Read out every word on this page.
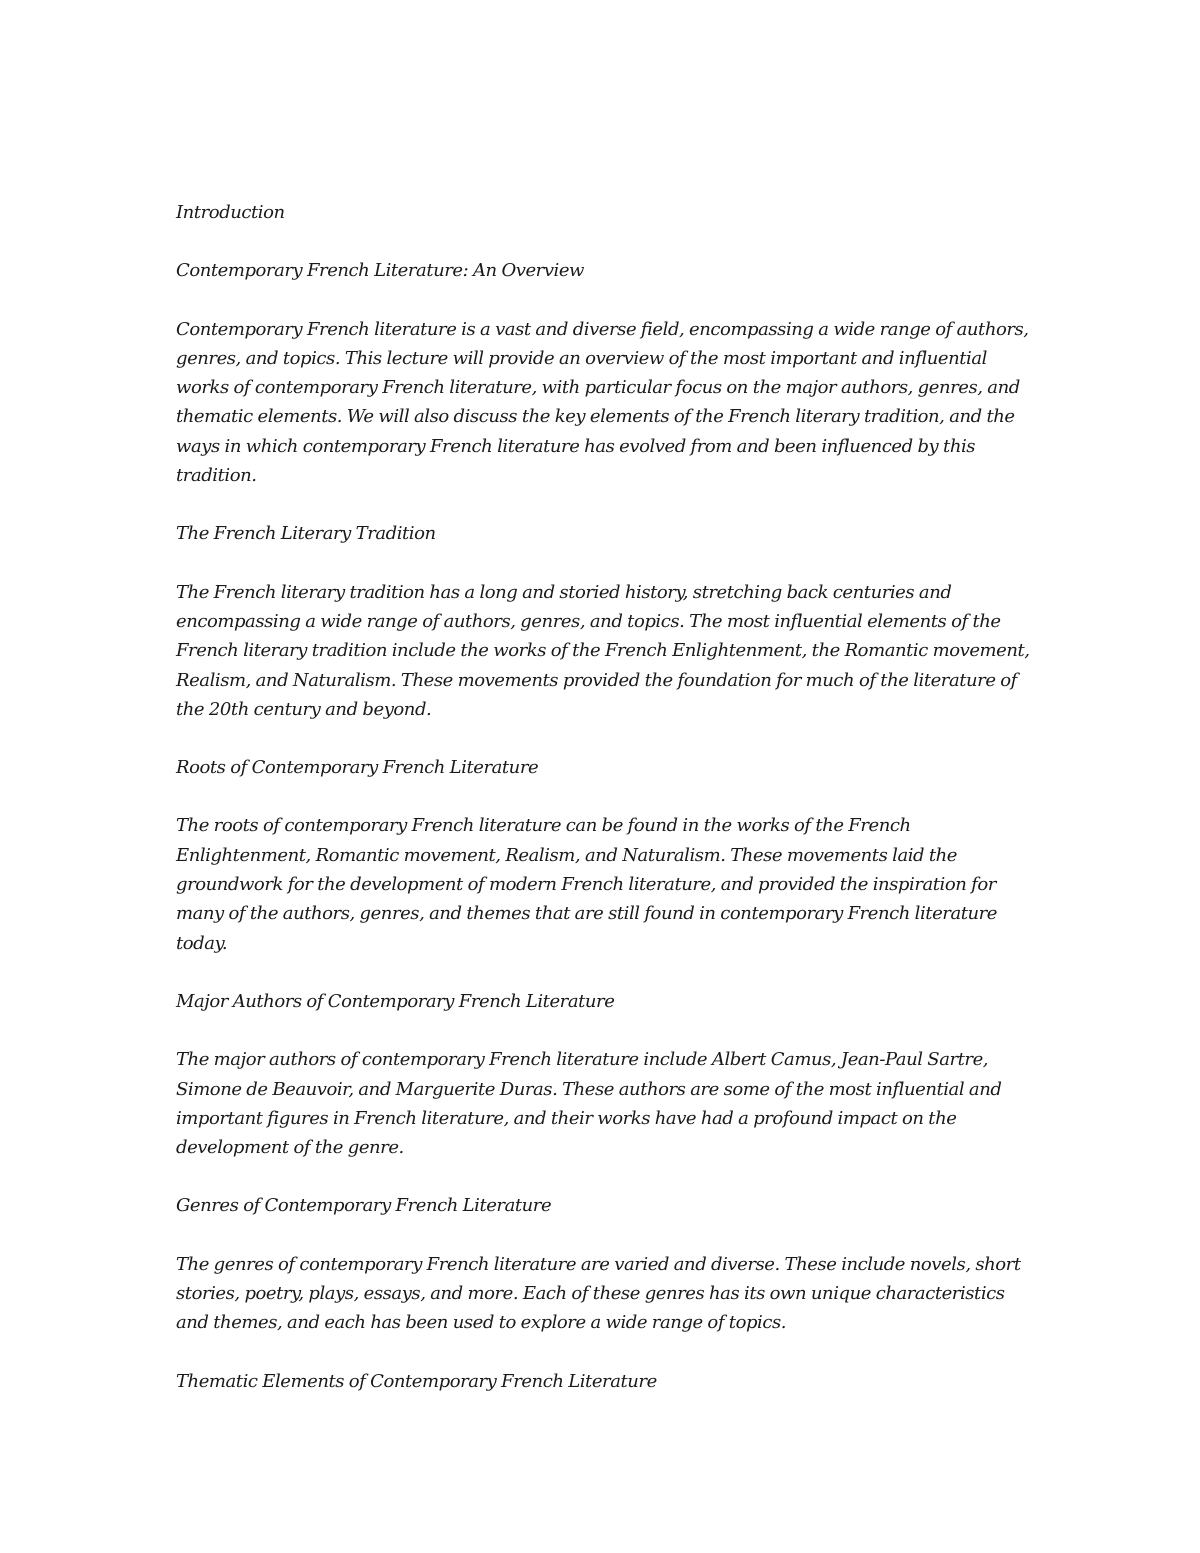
Introduction

Contemporary French Literature: An Overview

Contemporary French literature is a vast and diverse field, encompassing a wide range of authors, genres, and topics. This lecture will provide an overview of the most important and influential works of contemporary French literature, with particular focus on the major authors, genres, and thematic elements. We will also discuss the key elements of the French literary tradition, and the ways in which contemporary French literature has evolved from and been influenced by this tradition.

The French Literary Tradition

The French literary tradition has a long and storied history, stretching back centuries and encompassing a wide range of authors, genres, and topics. The most influential elements of the French literary tradition include the works of the French Enlightenment, the Romantic movement, Realism, and Naturalism. These movements provided the foundation for much of the literature of the 20th century and beyond.

Roots of Contemporary French Literature

The roots of contemporary French literature can be found in the works of the French Enlightenment, Romantic movement, Realism, and Naturalism. These movements laid the groundwork for the development of modern French literature, and provided the inspiration for many of the authors, genres, and themes that are still found in contemporary French literature today.

Major Authors of Contemporary French Literature

The major authors of contemporary French literature include Albert Camus, Jean-Paul Sartre, Simone de Beauvoir, and Marguerite Duras. These authors are some of the most influential and important figures in French literature, and their works have had a profound impact on the development of the genre.

Genres of Contemporary French Literature

The genres of contemporary French literature are varied and diverse. These include novels, short stories, poetry, plays, essays, and more. Each of these genres has its own unique characteristics and themes, and each has been used to explore a wide range of topics.

Thematic Elements of Contemporary French Literature
